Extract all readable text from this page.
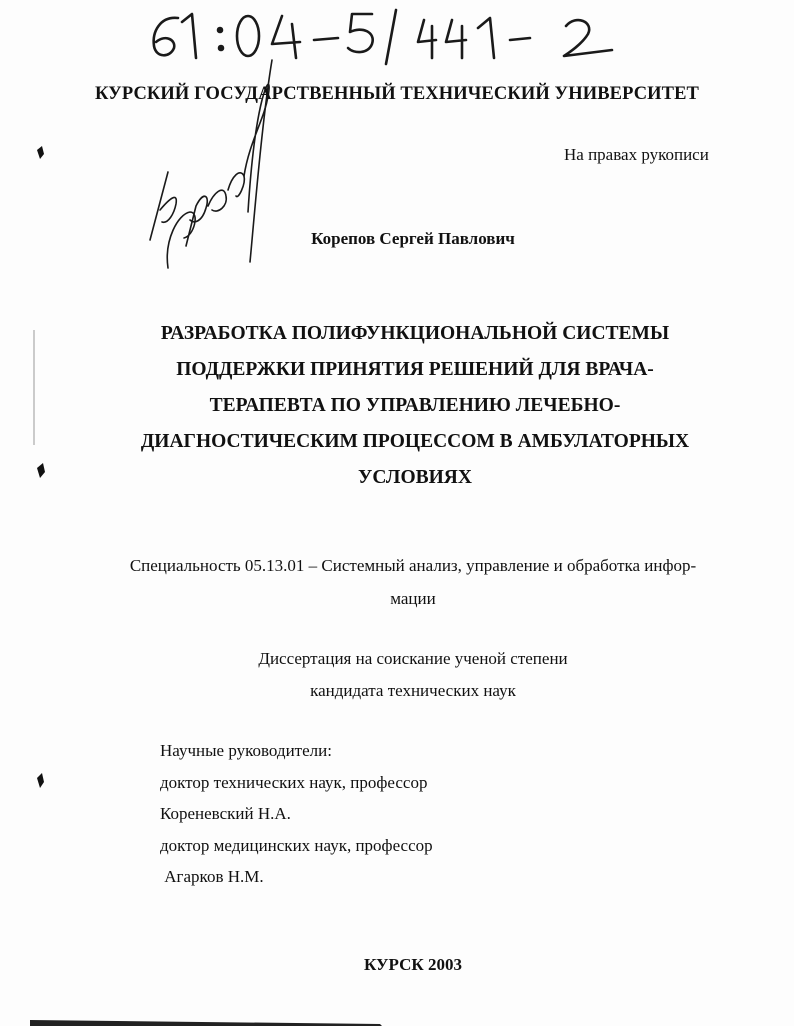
КУРСКИЙ ГОСУДАРСТВЕННЫЙ ТЕХНИЧЕСКИЙ УНИВЕРСИТЕТ
На правах рукописи
Корепов Сергей Павлович
РАЗРАБОТКА ПОЛИФУНКЦИОНАЛЬНОЙ СИСТЕМЫ
ПОДДЕРЖКИ ПРИНЯТИЯ РЕШЕНИЙ ДЛЯ ВРАЧА-
ТЕРАПЕВТА ПО УПРАВЛЕНИЮ ЛЕЧЕБНО-
ДИАГНОСТИЧЕСКИМ ПРОЦЕССОМ В АМБУЛАТОРНЫХ
УСЛОВИЯХ
Специальность 05.13.01 – Системный анализ, управление и обработка инфор-
мации
Диссертация на соискание ученой степени
кандидата технических наук
Научные руководители:
доктор технических наук, профессор
Кореневский Н.А.
доктор медицинских наук, профессор
Агарков Н.М.
КУРСК 2003
